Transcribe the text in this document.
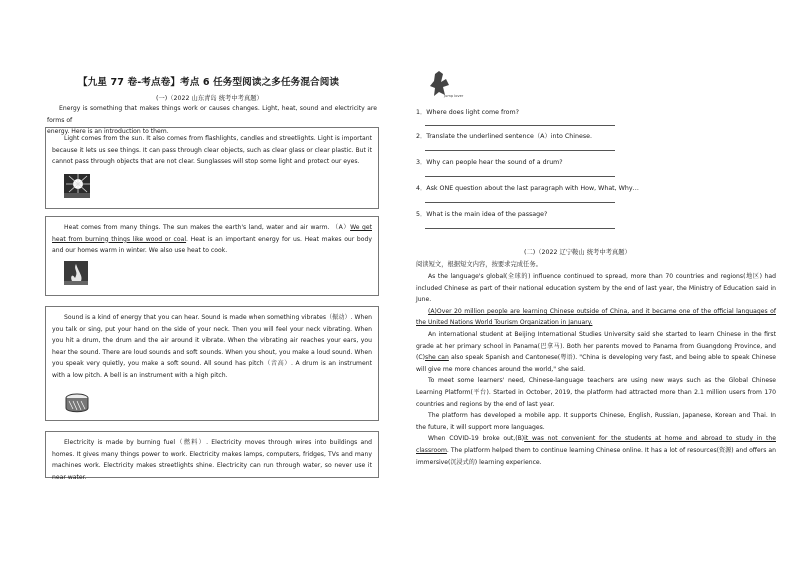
Jump lover
【九星 77 卷-考点卷】考点 6 任务型阅读之多任务混合阅读
(一)（2022 山东青岛 统考中考真题）

Energy is something that makes things work or causes changes. Light, heat, sound and electricity are forms of

energy. Here is an introduction to them.

Light comes from the sun. It also comes from flashlights, candles and streetlights. Light is important because it lets us see things. It can pass through clear objects, such as clear glass or clear plastic. But it cannot pass through objects that are not clear. Sunglasses will stop some light and protect our eyes.

Heat comes from many things. The sun makes the earth's land, water and air warm. （A）We get heat from burning things like wood or coal. Heat is an important energy for us. Heat makes our body and our homes warm in winter. We also use heat to cook.

Sound is a kind of energy that you can hear. Sound is made when something vibrates（振动）. When you talk or sing, put your hand on the side of your neck. Then you will feel your neck vibrating. When you hit a drum, the drum and the air around it vibrate. When the vibrating air reaches your ears, you hear the sound. There are loud sounds and soft sounds. When you shout, you make a loud sound. When you speak very quietly, you make a soft sound. All sound has pitch（音高）. A drum is an instrument with a low pitch. A bell is an instrument with a high pitch.

Electricity is made by burning fuel（燃料）. Electricity moves through wires into buildings and homes. It gives many things power to work. Electricity makes lamps, computers, fridges, TVs and many machines work. Electricity makes streetlights shine. Electricity can run through water, so never use it near water.

1．Where does light come from?
2．Translate the underlined sentence（A）into Chinese.
3．Why can people hear the sound of a drum?
4．Ask ONE question about the last paragraph with How, What, Why…
5．What is the main idea of the passage?
(二)（2022 辽宁鞍山 统考中考真题）
阅读短文，根据短文内容，按要求完成任务。

As the language's global(全球的) influence continued to spread, more than 70 countries and regions(地区) had included Chinese as part of their national education system by the end of last year, the Ministry of Education said in June.

(A)Over 20 million people are learning Chinese outside of China, and it became one of the official languages of the United Nations World Tourism Organization in January.

An international student at Beijing International Studies University said she started to learn Chinese in the first grade at her primary school in Panama(巴拿马). Both her parents moved to Panama from Guangdong Province, and (C)she can also speak Spanish and Cantonese(粤语). "China is developing very fast, and being able to speak Chinese will give me more chances around the world," she said.

To meet some learners' need, Chinese-language teachers are using new ways such as the Global Chinese Learning Platform(平台). Started in October, 2019, the platform had attracted more than 2.1 million users from 170 countries and regions by the end of last year.

The platform has developed a mobile app. It supports Chinese, English, Russian, Japanese, Korean and Thai. In the future, it will support more languages.

When COVID-19 broke out,(B)it was not convenient for the students at home and abroad to study in the classroom. The platform helped them to continue learning Chinese online. It has a lot of resources(资源) and offers an immersive(沉浸式的) learning experience.
